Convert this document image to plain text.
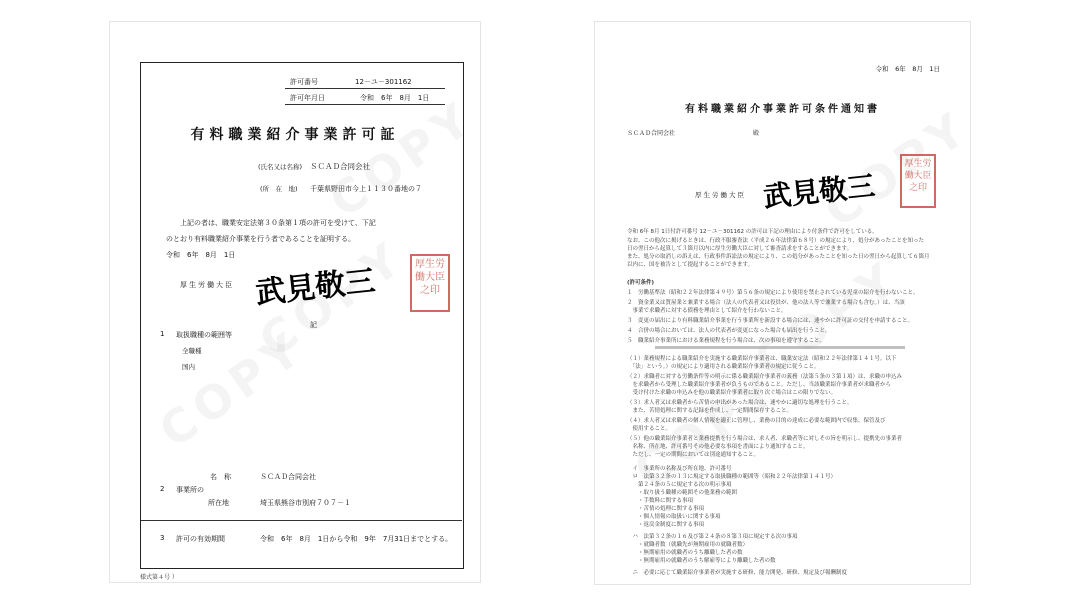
許可番号	12－ユ－301162
許可年月日	令和　6年　8月　1日
有料職業紹介事業許可証
(氏名又は名称) ＳＣＡＤ合同会社
(所　在　地) 千葉県野田市今上１１３０番地の７
上記の者は、職業安定法第３０条第１項の許可を受けて、下記
のとおり有料職業紹介事業を行う者であることを証明する。
令和　6年　8月　1日
厚生労働大臣 武見敬三	厚生労働大臣之印
記
1 取扱職種の範囲等
全職種
国内
名　称	ＳＣＡＤ合同会社
2 事業所の
所在地	埼玉県熊谷市別府７０７－１
3 許可の有効期間	令和　6年　8月　1日から令和　9年　7月31日までとする。
様式第４号 ）
令和　6年　8月　1日
有料職業紹介事業許可条件通知書
ＳＣＡＤ合同会社	殿
厚生労働大臣 武見敬三
厚生労働大臣之印
令和 6年 8月 1日付許可番号 12－ユ－301162 の許可は下記の理由により付条件で許可をしている。
なお、この他次に掲げるときは、行政不服審査法（平成２６年法律第６８号）の規定により、処分があったことを知った
日の翌日から起算して３箇月以内に厚生労働大臣に対して審査請求をすることができます。
また、処分の取消しの訴えは、行政事件訴訟法の規定により、この処分があったことを知った日の翌日から起算して６箇月
以内に、国を被告として提起することができます。
(許可条件)
１　労働基準法（昭和２２年法律第４９号）第５６条の規定により使用を禁止されている児童の紹介を行わないこと。
２　資金業又は質屋業と兼業する場合（法人の代表者又は役員が、他の法人等で兼業する場合も含む。）は、当該
　事業で求職者に対する債務を理由として紹介を行わないこと。
３　変更の届出により有料職業紹介事業を行う事業所を新設する場合には、速やかに許可証の交付を申請すること。
４　合併の場合においては、法人の代表者が変更になった場合も届出を行うこと。
５　職業紹介事業所における業務規程を行う場合は、次の事項を遵守すること。
（１）業務規程による職業紹介を実施する職業紹介事業者は、職業安定法（昭和２２年法律第１４１号。以下
　「法」という。）の規定により適用される職業紹介事業者の規定に従うこと。
（２）求職者に対する労働条件等の明示に係る職業紹介事業者の義務（法第５条の３第１項）は、求職の申込み
　を求職者から受理した職業紹介事業者が負うものであること。ただし、当該職業紹介事業者が求職者から
　受け付けた求職の申込みを他の職業紹介事業者に取り次ぐ場合はこの限りでない。
（３）求人者又は求職者から苦情の申出があった場合は、速やかに適切な処理を行うこと。
　また、苦情処理に関する記録を作成し、一定期間保存すること。
（４）求人者又は求職者の個人情報を適正に管理し、業務の目的の達成に必要な範囲内で収集、保管及び
　使用すること。
（５）他の職業紹介事業者と業務提携を行う場合は、求人者、求職者等に対しその旨を明示し、提携先の事業者
　名称、所在地、許可番号その他必要な事項を書面により通知すること。
　ただし、一定の期間においては別途通知すること。
　イ　事業所の名称及び所在地、許可番号
　ロ　法第３２条の１３に規定する取扱職種の範囲等（昭和２２年法律第１４１号）
　　第２４条の５に規定する次の明示事項
　　・取り扱う職種の範囲その他業務の範囲
　　・手数料に関する事項
　　・苦情の処理に関する事項
　　・個人情報の取扱いに関する事項
　　・返戻金制度に関する事項
　ハ　法第３２条の１６及び第２４条の８第３項に規定する次の事項
　　・就職者数（就職先が無期雇用の就職者数）
　　・無期雇用の就職者のうち離職した者の数
　　・無期雇用の就職者のうち解雇等により離職した者の数
　ニ　必要に応じて職業紹介事業者が実施する研修、能力開発、研修、規定及び報酬制度
